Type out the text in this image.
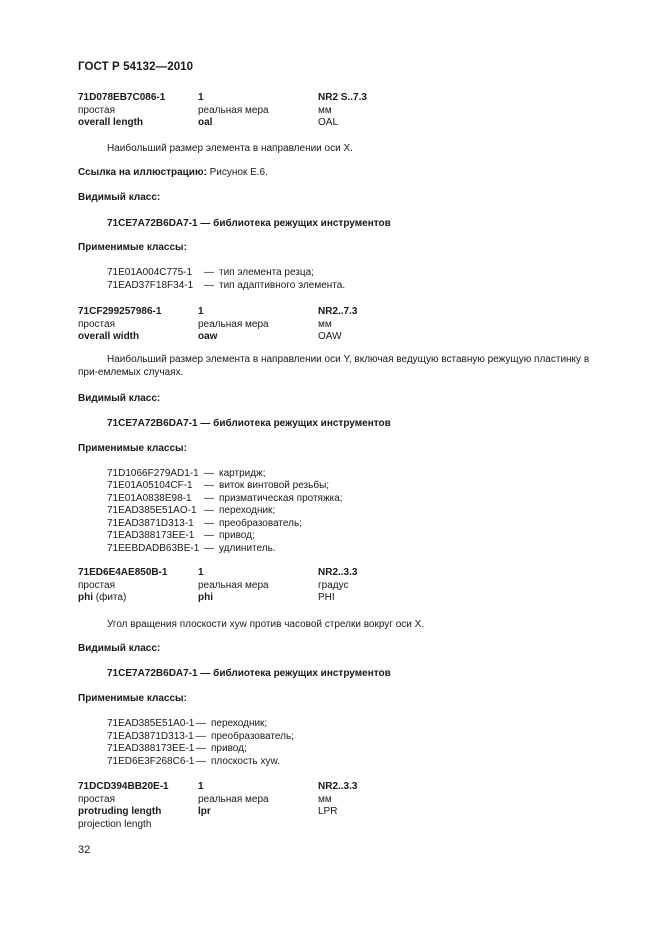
ГОСТ Р 54132—2010
71D078EB7C086-1	1	NR2 S..7.3
простая	реальная мера	мм
overall length	oal	OAL
Наибольший размер элемента в направлении оси X.
Ссылка на иллюстрацию: Рисунок E.6.
Видимый класс:
71CE7A72B6DA7-1 — библиотека режущих инструментов
Применимые классы:
71E01A004C775-1 — тип элемента резца;
71EAD37F18F34-1 — тип адаптивного элемента.
71CF299257986-1	1	NR2..7.3
простая	реальная мера	мм
overall width	oaw	OAW
Наибольший размер элемента в направлении оси Y, включая ведущую вставную режущую пластинку в при-емлемых случаях.
Видимый класс:
71CE7A72B6DA7-1 — библиотека режущих инструментов
Применимые классы:
71D1066F279AD1-1 — картридж;
71E01A05104CF-1 — виток винтовой резьбы;
71E01A0838E98-1 — призматическая протяжка;
71EAD385E51AO-1 — переходник;
71EAD3871D313-1 — преобразователь;
71EAD388173EE-1 — привод;
71EEBDADB63BE-1 — удлинитель.
71ED6E4AE850B-1	1	NR2..3.3
простая	реальная мера	градус
phi (фита)	phi	PHI
Угол вращения плоскости xyw против часовой стрелки вокруг оси X.
Видимый класс:
71CE7A72B6DA7-1 — библиотека режущих инструментов
Применимые классы:
71EAD385E51A0-1 — переходник;
71EAD3871D313-1 — преобразователь;
71EAD388173EE-1 — привод;
71ED6E3F268C6-1 — плоскость xyw.
71DCD394BB20E-1	1	NR2..3.3
простая	реальная мера	мм
protruding length	lpr	LPR
projection length
32
